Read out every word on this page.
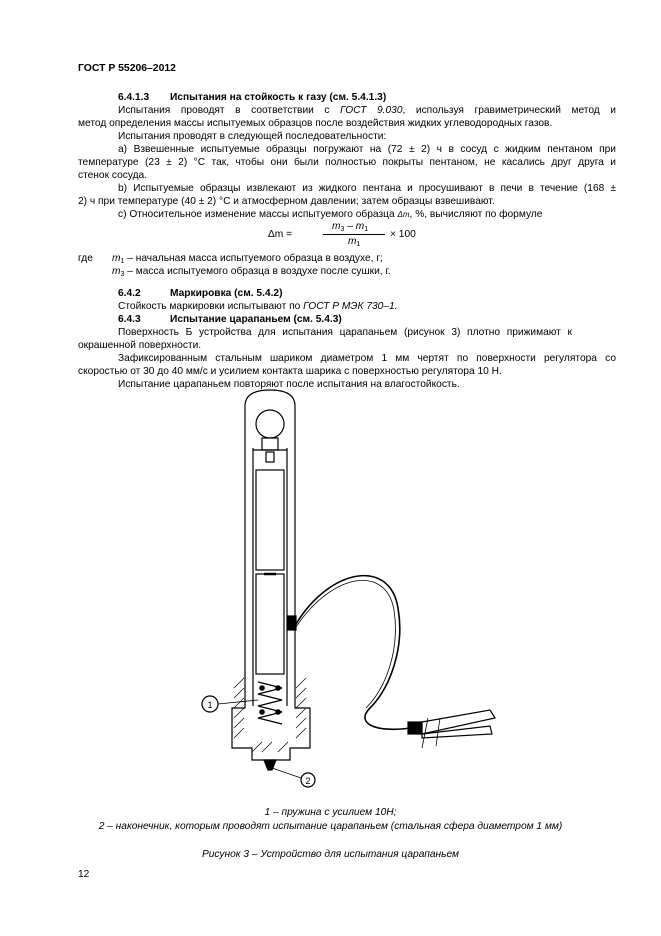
ГОСТ Р 55206–2012
6.4.1.3 Испытания на стойкость к газу (см. 5.4.1.3)
Испытания проводят в соответствии с ГОСТ 9.030, используя гравиметрический метод и
метод определения массы испытуемых образцов после воздействия жидких углеводородных газов.
Испытания проводят в следующей последовательности:
а) Взвешенные испытуемые образцы погружают на (72 ± 2) ч в сосуд с жидким пентаном при
температуре (23 ± 2) °С так, чтобы они были полностью покрыты пентаном, не касались друг друга и
стенок сосуда.
b) Испытуемые образцы извлекают из жидкого пентана и просушивают в печи в течение (168 ±
2) ч при температуре (40 ± 2) °С и атмосферном давлении; затем образцы взвешивают.
с) Относительное изменение массы испытуемого образца Δm, %, вычисляют по формуле
Δm =
$m_3 - m_1$
$m_1$
× 100
где $m_1$ – начальная масса испытуемого образца в воздухе, г;
$m_3$ – масса испытуемого образца в воздухе после сушки, г.
6.4.2	Маркировка (см. 5.4.2)
Стойкость маркировки испытывают по ГОСТ Р МЭК 730–1.
6.4.3	Испытание царапаньем (см. 5.4.3)
Поверхность Б устройства для испытания царапаньем (рисунок 3) плотно прижимают к
окрашенной поверхности.
Зафиксированным стальным шариком диаметром 1 мм чертят по поверхности регулятора со
скоростью от 30 до 40 мм/с и усилием контакта шарика с поверхностью регулятора 10 Н.
Испытание царапаньем повторяют после испытания на влагостойкость.
1
2
1 – пружина с усилием 10Н;
2 – наконечник, которым проводят испытание царапаньем (стальная сфера диаметром 1 мм)
Рисунок 3 – Устройство для испытания царапаньем
12
